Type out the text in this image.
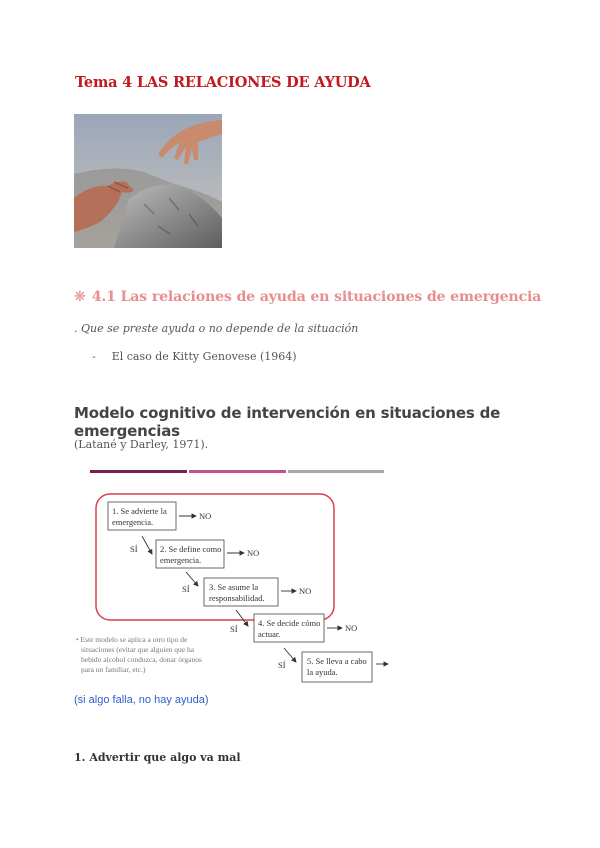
Tema 4 LAS RELACIONES DE AYUDA
❋ 4.1 Las relaciones de ayuda en situaciones de emergencia
. Que se preste ayuda o no depende de la situación
- El caso de Kitty Genovese (1964)
Modelo cognitivo de intervención en situaciones de emergencias
(Latané y Darley, 1971).
1. Se advierte la
emergencia.
NO
SÍ	2. Se define como
emergencia.
NO
SÍ 3. Se asume la
responsabilidad.
NO
SÍ
4. Se decide cómo
actuar.
NO
SÍ	5. Se lleva a cabo
la ayuda.
• Este modelo se aplica a otro tipo de
situaciones (evitar que alguien que ha
bebido alcohol conduzca, donar órganos
para un familiar, etc.)
(si algo falla, no hay ayuda)
1. Advertir que algo va mal
